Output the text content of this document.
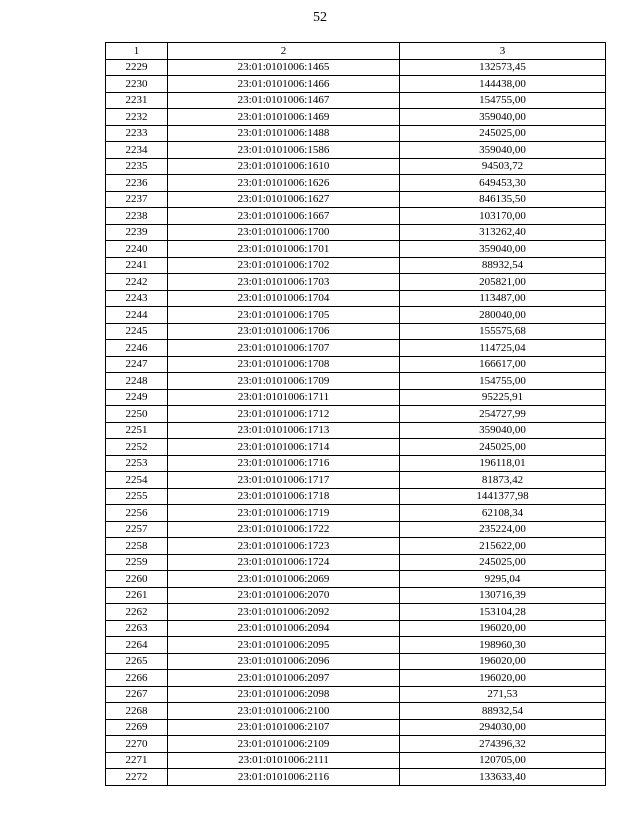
52
1	2	3
2229	23:01:0101006:1465	132573,45
2230	23:01:0101006:1466	144438,00
2231	23:01:0101006:1467	154755,00
2232	23:01:0101006:1469	359040,00
2233	23:01:0101006:1488	245025,00
2234	23:01:0101006:1586	359040,00
2235	23:01:0101006:1610	94503,72
2236	23:01:0101006:1626	649453,30
2237	23:01:0101006:1627	846135,50
2238	23:01:0101006:1667	103170,00
2239	23:01:0101006:1700	313262,40
2240	23:01:0101006:1701	359040,00
2241	23:01:0101006:1702	88932,54
2242	23:01:0101006:1703	205821,00
2243	23:01:0101006:1704	113487,00
2244	23:01:0101006:1705	280040,00
2245	23:01:0101006:1706	155575,68
2246	23:01:0101006:1707	114725,04
2247	23:01:0101006:1708	166617,00
2248	23:01:0101006:1709	154755,00
2249	23:01:0101006:1711	95225,91
2250	23:01:0101006:1712	254727,99
2251	23:01:0101006:1713	359040,00
2252	23:01:0101006:1714	245025,00
2253	23:01:0101006:1716	196118,01
2254	23:01:0101006:1717	81873,42
2255	23:01:0101006:1718	1441377,98
2256	23:01:0101006:1719	62108,34
2257	23:01:0101006:1722	235224,00
2258	23:01:0101006:1723	215622,00
2259	23:01:0101006:1724	245025,00
2260	23:01:0101006:2069	9295,04
2261	23:01:0101006:2070	130716,39
2262	23:01:0101006:2092	153104,28
2263	23:01:0101006:2094	196020,00
2264	23:01:0101006:2095	198960,30
2265	23:01:0101006:2096	196020,00
2266	23:01:0101006:2097	196020,00
2267	23:01:0101006:2098	271,53
2268	23:01:0101006:2100	88932,54
2269	23:01:0101006:2107	294030,00
2270	23:01:0101006:2109	274396,32
2271	23:01:0101006:2111	120705,00
2272	23:01:0101006:2116	133633,40
